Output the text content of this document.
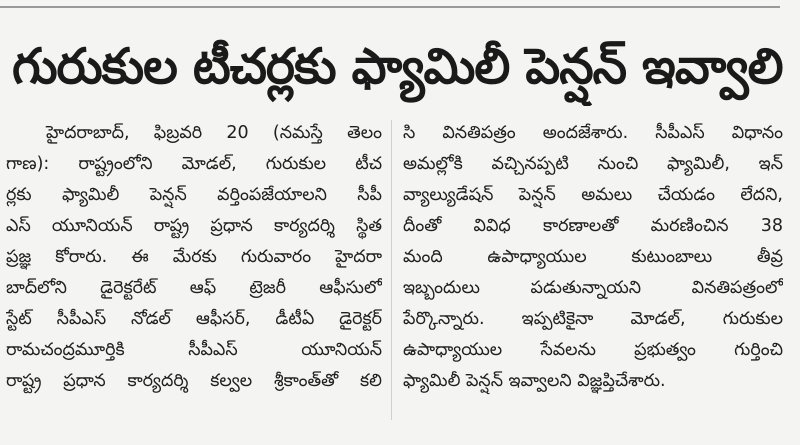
గురుకుల టీచర్లకు ఫ్యామిలీ పెన్షన్ ఇవ్వాలి
హైదరాబాద్, ఫిబ్రవరి 20 (నమస్తే తెలం
గాణ): రాష్ట్రంలోని మోడల్, గురుకుల టీచ
ర్లకు ఫ్యామిలీ పెన్షన్ వర్తింపజేయాలని సీపీ
ఎస్ యూనియన్ రాష్ట్ర ప్రధాన కార్యదర్శి స్థిత
ప్రజ్ఞ కోరారు. ఈ మేరకు గురువారం హైదరా
బాద్‌లోని డైరెక్టరేట్ ఆఫ్ ట్రెజరీ ఆఫీసులో
స్టేట్ సీపీఎస్ నోడల్ ఆఫీసర్, డీటీఏ డైరెక్టర్
రామచంద్రమూర్తికి సీపీఎస్ యూనియన్
రాష్ట్ర ప్రధాన కార్యదర్శి కల్వల శ్రీకాంత్‌తో కలి
సి వినతిపత్రం అందజేశారు. సీపీఎస్ విధానం
అమల్లోకి వచ్చినప్పటి నుంచి ఫ్యామిలీ, ఇన్
వ్యాల్యుడేషన్ పెన్షన్ అమలు చేయడం లేదని,
దీంతో వివిధ కారణాలతో మరణించిన 38
మంది ఉపాధ్యాయుల కుటుంబాలు తీవ్ర
ఇబ్బందులు పడుతున్నాయని వినతిపత్రంలో
పేర్కొన్నారు. ఇప్పటికైనా మోడల్, గురుకుల
ఉపాధ్యాయుల సేవలను ప్రభుత్వం గుర్తించి
ఫ్యామిలీ పెన్షన్ ఇవ్వాలని విజ్ఞప్తిచేశారు.
